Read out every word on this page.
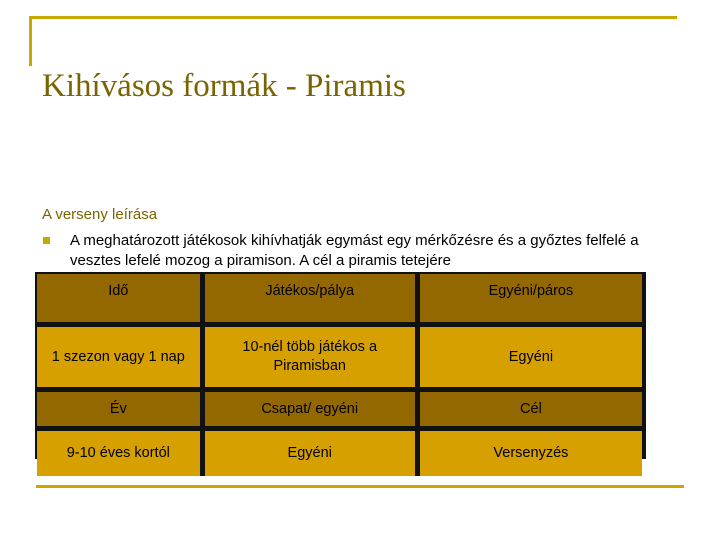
Kihívásos formák - Piramis
A verseny leírása
A meghatározott játékosok kihívhatják egymást egy mérkőzésre és a győztes felfelé a vesztes lefelé mozog a piramison. A cél a piramis tetejére
Idő	Játékos/pálya	Egyéni/páros
1 szezon vagy 1 nap	10-nél több játékos a Piramisban	Egyéni
Év	Csapat/ egyéni	Cél
9-10 éves kortól	Egyéni	Versenyzés
